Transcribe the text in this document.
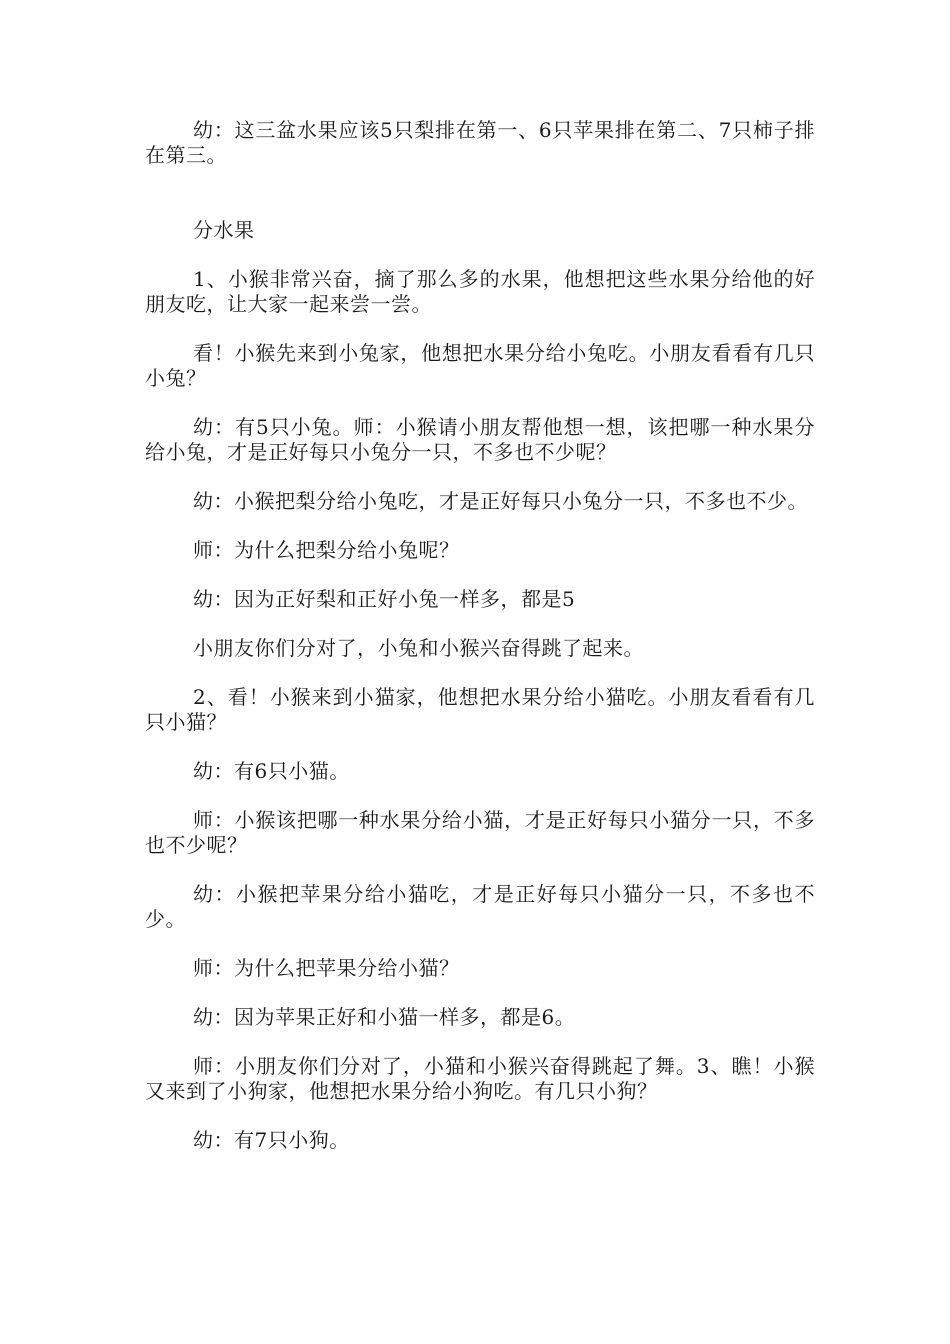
幼：这三盆水果应该5只梨排在第一、6只苹果排在第二、7只柿子排在第三。

分水果

1、小猴非常兴奋，摘了那么多的水果，他想把这些水果分给他的好朋友吃，让大家一起来尝一尝。

看！小猴先来到小兔家，他想把水果分给小兔吃。小朋友看看有几只小兔？

幼：有5只小兔。师：小猴请小朋友帮他想一想，该把哪一种水果分给小兔，才是正好每只小兔分一只，不多也不少呢？

幼：小猴把梨分给小兔吃，才是正好每只小兔分一只，不多也不少。

师：为什么把梨分给小兔呢？

幼：因为正好梨和正好小兔一样多，都是5

小朋友你们分对了，小兔和小猴兴奋得跳了起来。

2、看！小猴来到小猫家，他想把水果分给小猫吃。小朋友看看有几只小猫？

幼：有6只小猫。

师：小猴该把哪一种水果分给小猫，才是正好每只小猫分一只，不多也不少呢？

幼：小猴把苹果分给小猫吃，才是正好每只小猫分一只，不多也不少。

师：为什么把苹果分给小猫？

幼：因为苹果正好和小猫一样多，都是6。

师：小朋友你们分对了，小猫和小猴兴奋得跳起了舞。3、瞧！小猴又来到了小狗家，他想把水果分给小狗吃。有几只小狗？

幼：有7只小狗。
